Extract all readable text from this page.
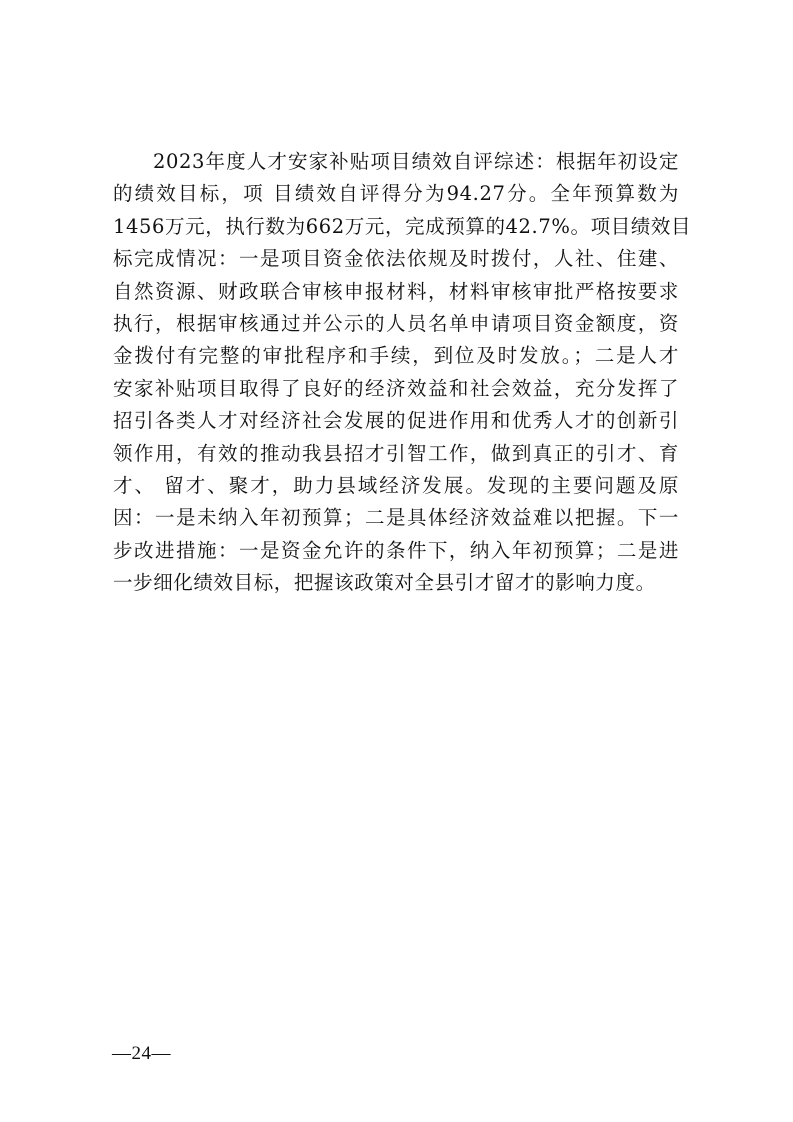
2023年度人才安家补贴项目绩效自评综述：根据年初设定
的绩效目标，项 目绩效自评得分为94.27分。全年预算数为
1456万元，执行数为662万元，完成预算的42.7%。项目绩效目
标完成情况：一是项目资金依法依规及时拨付，人社、住建、
自然资源、财政联合审核申报材料，材料审核审批严格按要求
执行，根据审核通过并公示的人员名单申请项目资金额度，资
金拨付有完整的审批程序和手续，到位及时发放。；二是人才
安家补贴项目取得了良好的经济效益和社会效益，充分发挥了
招引各类人才对经济社会发展的促进作用和优秀人才的创新引
领作用，有效的推动我县招才引智工作，做到真正的引才、育
才、 留才、聚才，助力县域经济发展。发现的主要问题及原
因：一是未纳入年初预算；二是具体经济效益难以把握。下一
步改进措施：一是资金允许的条件下，纳入年初预算；二是进
一步细化绩效目标，把握该政策对全县引才留才的影响力度。
—24—
